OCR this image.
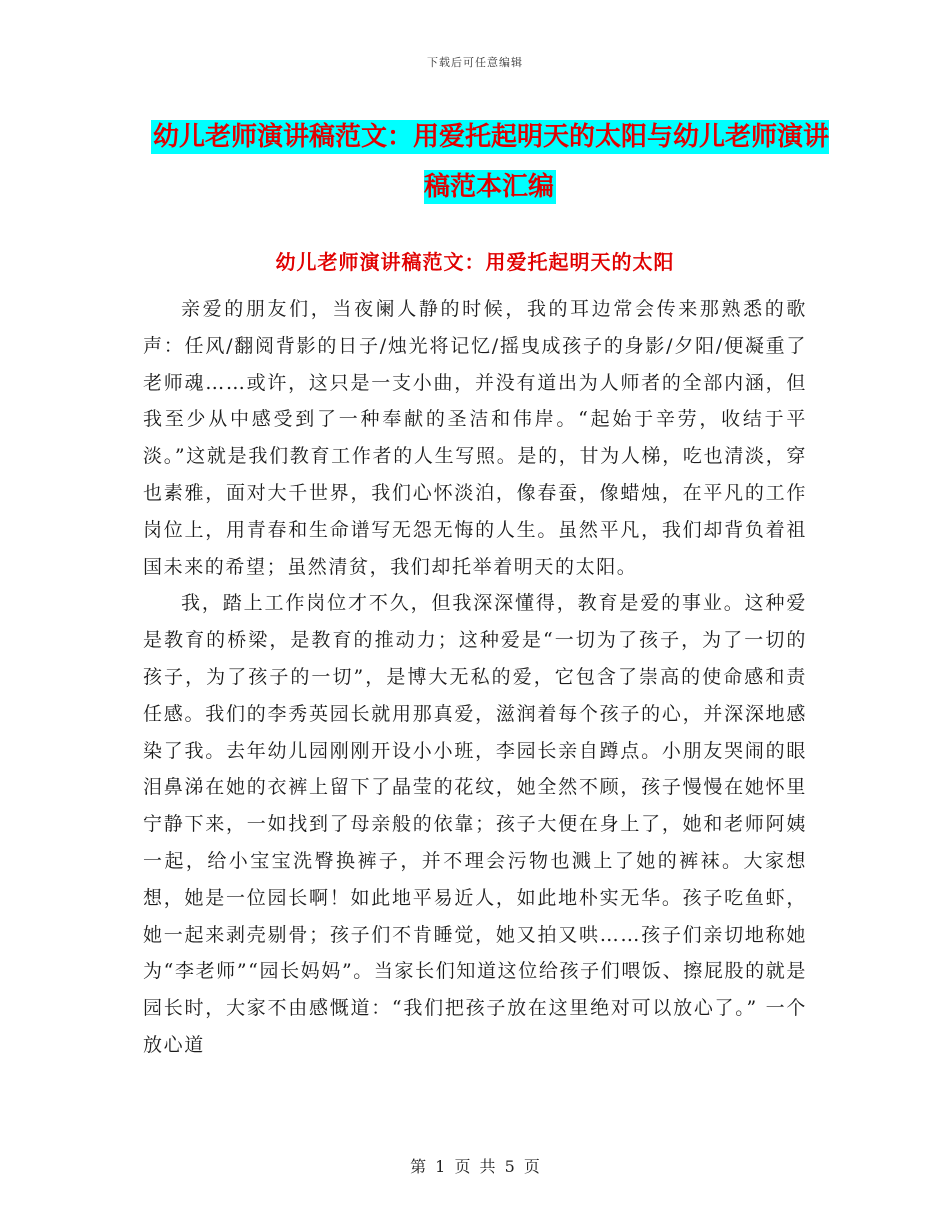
下载后可任意编辑
幼儿老师演讲稿范文：用爱托起明天的太阳与幼儿老师演讲稿范本汇编
幼儿老师演讲稿范文：用爱托起明天的太阳

亲爱的朋友们，当夜阑人静的时候，我的耳边常会传来那熟悉的歌声：任风/翻阅背影的日子/烛光将记忆/摇曳成孩子的身影/夕阳/便凝重了老师魂……或许，这只是一支小曲，并没有道出为人师者的全部内涵，但我至少从中感受到了一种奉献的圣洁和伟岸。“起始于辛劳，收结于平淡。”这就是我们教育工作者的人生写照。是的，甘为人梯，吃也清淡，穿也素雅，面对大千世界，我们心怀淡泊，像春蚕，像蜡烛，在平凡的工作岗位上，用青春和生命谱写无怨无悔的人生。虽然平凡，我们却背负着祖国未来的希望；虽然清贫，我们却托举着明天的太阳。

我，踏上工作岗位才不久，但我深深懂得，教育是爱的事业。这种爱是教育的桥梁，是教育的推动力；这种爱是“一切为了孩子，为了一切的孩子，为了孩子的一切”，是博大无私的爱，它包含了崇高的使命感和责任感。我们的李秀英园长就用那真爱，滋润着每个孩子的心，并深深地感染了我。去年幼儿园刚刚开设小小班，李园长亲自蹲点。小朋友哭闹的眼泪鼻涕在她的衣裤上留下了晶莹的花纹，她全然不顾，孩子慢慢在她怀里宁静下来，一如找到了母亲般的依靠；孩子大便在身上了，她和老师阿姨一起，给小宝宝洗臀换裤子，并不理会污物也溅上了她的裤袜。大家想想，她是一位园长啊！如此地平易近人，如此地朴实无华。孩子吃鱼虾，她一起来剥壳剔骨；孩子们不肯睡觉，她又拍又哄……孩子们亲切地称她为“李老师”“园长妈妈”。当家长们知道这位给孩子们喂饭、擦屁股的就是园长时，大家不由感慨道：“我们把孩子放在这里绝对可以放心了。” 一个放心道

第 1 页 共 5 页
